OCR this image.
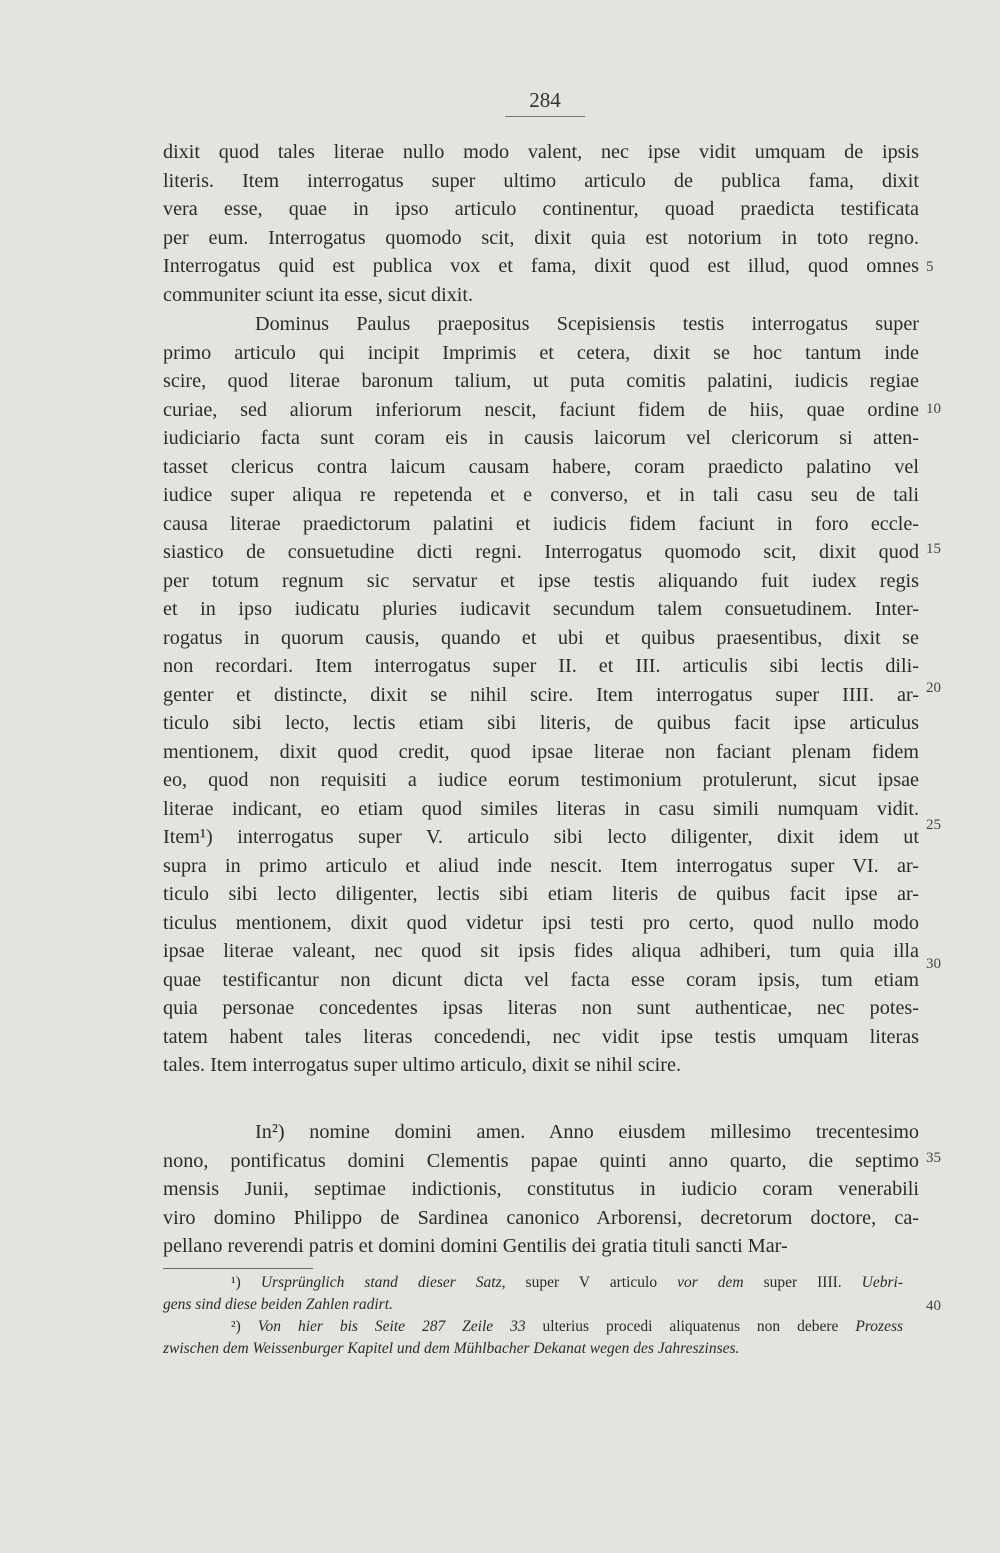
284
dixit quod tales literae nullo modo valent, nec ipse vidit umquam de ipsis
literis. Item interrogatus super ultimo articulo de publica fama, dixit
vera esse, quae in ipso articulo continentur, quoad praedicta testificata
per eum. Interrogatus quomodo scit, dixit quia est notorium in toto regno.
Interrogatus quid est publica vox et fama, dixit quod est illud, quod omnes
communiter sciunt ita esse, sicut dixit.
Dominus Paulus praepositus Scepisiensis testis interrogatus super
primo articulo qui incipit Imprimis et cetera, dixit se hoc tantum inde
scire, quod literae baronum talium, ut puta comitis palatini, iudicis regiae
curiae, sed aliorum inferiorum nescit, faciunt fidem de hiis, quae ordine
iudiciario facta sunt coram eis in causis laicorum vel clericorum si atten-
tasset clericus contra laicum causam habere, coram praedicto palatino vel
iudice super aliqua re repetenda et e converso, et in tali casu seu de tali
causa literae praedictorum palatini et iudicis fidem faciunt in foro eccle-
siastico de consuetudine dicti regni. Interrogatus quomodo scit, dixit quod
per totum regnum sic servatur et ipse testis aliquando fuit iudex regis
et in ipso iudicatu pluries iudicavit secundum talem consuetudinem. Inter-
rogatus in quorum causis, quando et ubi et quibus praesentibus, dixit se
non recordari. Item interrogatus super II. et III. articulis sibi lectis dili-
genter et distincte, dixit se nihil scire. Item interrogatus super IIII. ar-
ticulo sibi lecto, lectis etiam sibi literis, de quibus facit ipse articulus
mentionem, dixit quod credit, quod ipsae literae non faciant plenam fidem
eo, quod non requisiti a iudice eorum testimonium protulerunt, sicut ipsae
literae indicant, eo etiam quod similes literas in casu simili numquam vidit.
Item¹) interrogatus super V. articulo sibi lecto diligenter, dixit idem ut
supra in primo articulo et aliud inde nescit. Item interrogatus super VI. ar-
ticulo sibi lecto diligenter, lectis sibi etiam literis de quibus facit ipse ar-
ticulus mentionem, dixit quod videtur ipsi testi pro certo, quod nullo modo
ipsae literae valeant, nec quod sit ipsis fides aliqua adhiberi, tum quia illa
quae testificantur non dicunt dicta vel facta esse coram ipsis, tum etiam
quia personae concedentes ipsas literas non sunt authenticae, nec potes-
tatem habent tales literas concedendi, nec vidit ipse testis umquam literas
tales. Item interrogatus super ultimo articulo, dixit se nihil scire.
In²) nomine domini amen. Anno eiusdem millesimo trecentesimo
nono, pontificatus domini Clementis papae quinti anno quarto, die septimo
mensis Junii, septimae indictionis, constitutus in iudicio coram venerabili
viro domino Philippo de Sardinea canonico Arborensi, decretorum doctore, ca-
pellano reverendi patris et domini domini Gentilis dei gratia tituli sancti Mar-
5
10
15
20
25
30
35
40
¹) Ursprünglich stand dieser Satz, super V articulo vor dem super IIII. Uebri-
gens sind diese beiden Zahlen radirt.
²) Von hier bis Seite 287 Zeile 33 ulterius procedi aliquatenus non debere Prozess
zwischen dem Weissenburger Kapitel und dem Mühlbacher Dekanat wegen des Jahreszinses.
